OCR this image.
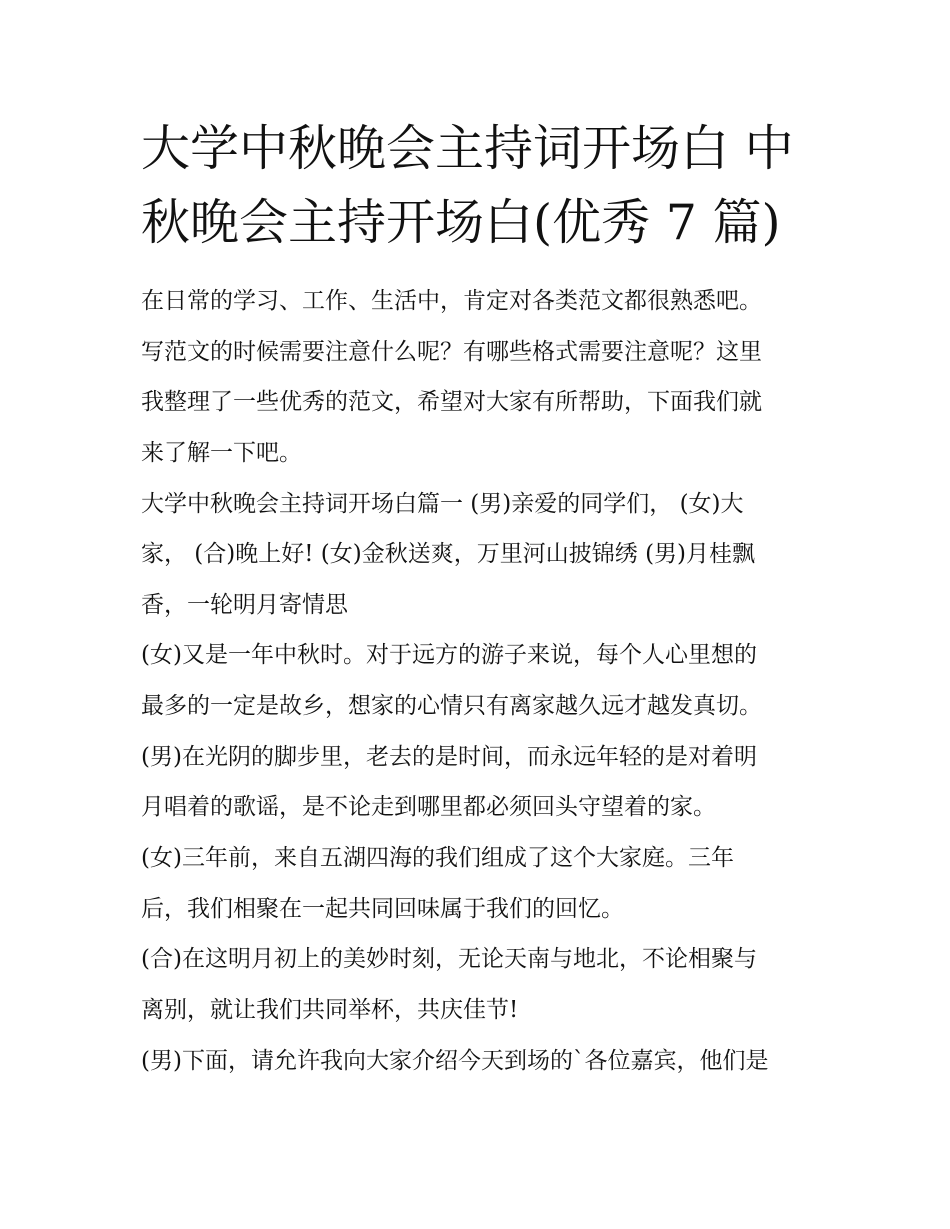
大学中秋晚会主持词开场白 中
秋晚会主持开场白(优秀 7 篇)

在日常的学习、工作、生活中，肯定对各类范文都很熟悉吧。

写范文的时候需要注意什么呢？有哪些格式需要注意呢？这里

我整理了一些优秀的范文，希望对大家有所帮助，下面我们就

来了解一下吧。

大学中秋晚会主持词开场白篇一 (男)亲爱的同学们， (女)大

家， (合)晚上好! (女)金秋送爽，万里河山披锦绣 (男)月桂飘

香，一轮明月寄情思

(女)又是一年中秋时。对于远方的游子来说，每个人心里想的

最多的一定是故乡，想家的心情只有离家越久远才越发真切。

(男)在光阴的脚步里，老去的是时间，而永远年轻的是对着明

月唱着的歌谣，是不论走到哪里都必须回头守望着的家。

(女)三年前，来自五湖四海的我们组成了这个大家庭。三年

后，我们相聚在一起共同回味属于我们的回忆。

(合)在这明月初上的美妙时刻，无论天南与地北，不论相聚与

离别，就让我们共同举杯，共庆佳节!

(男)下面，请允许我向大家介绍今天到场的`各位嘉宾，他们是
